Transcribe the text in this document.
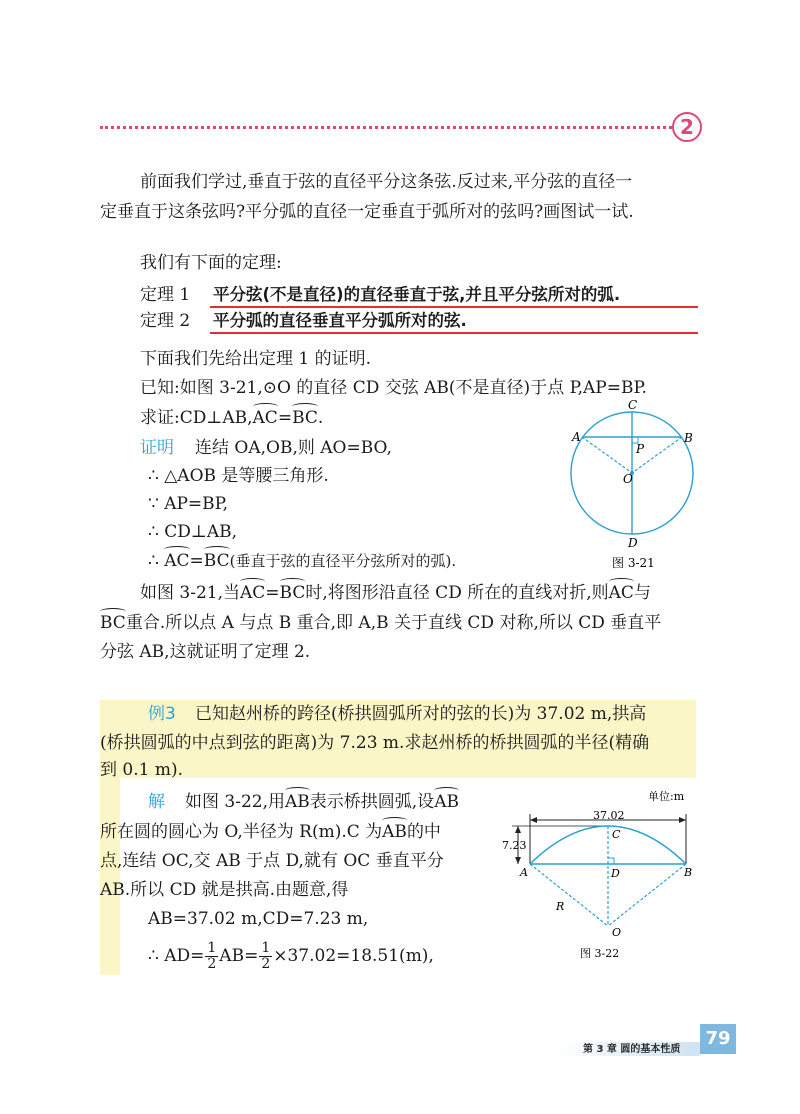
2
前面我们学过,垂直于弦的直径平分这条弦.反过来,平分弦的直径一
定垂直于这条弦吗?平分弧的直径一定垂直于弧所对的弦吗?画图试一试.
我们有下面的定理:
定理 1 平分弦(不是直径)的直径垂直于弦,并且平分弦所对的弧.
定理 2 平分弧的直径垂直平分弧所对的弦.
下面我们先给出定理 1 的证明.
已知:如图 3-21,⊙O 的直径 CD 交弦 AB(不是直径)于点 P,AP=BP.
求证:CD⊥AB,AC=BC.
证明 连结 OA,OB,则 AO=BO,
∴ △AOB 是等腰三角形.
∵ AP=BP,
∴ CD⊥AB,
∴ AC=BC(垂直于弦的直径平分弦所对的弧).
如图 3-21,当AC=BC时,将图形沿直径 CD 所在的直线对折,则AC与
BC重合.所以点 A 与点 B 重合,即 A,B 关于直线 CD 对称,所以 CD 垂直平
分弦 AB,这就证明了定理 2.
C
A	B
P
O
D
图 3-21
例3 已知赵州桥的跨径(桥拱圆弧所对的弦的长)为 37.02 m,拱高
(桥拱圆弧的中点到弦的距离)为 7.23 m.求赵州桥的桥拱圆弧的半径(精确
到 0.1 m).
解 如图 3-22,用AB表示桥拱圆弧,设AB
所在圆的圆心为 O,半径为 R(m).C 为AB的中
点,连结 OC,交 AB 于点 D,就有 OC 垂直平分
AB.所以 CD 就是拱高.由题意,得
AB=37.02 m,CD=7.23 m,
∴ $AD= \frac{1}{2} AB= \frac{1}{2} \times 37.02=18.51(m)$,
单位:m
37.02
7.23
C
A	B
D
R
O
图 3-22
第 3 章 圆的基本性质
79
